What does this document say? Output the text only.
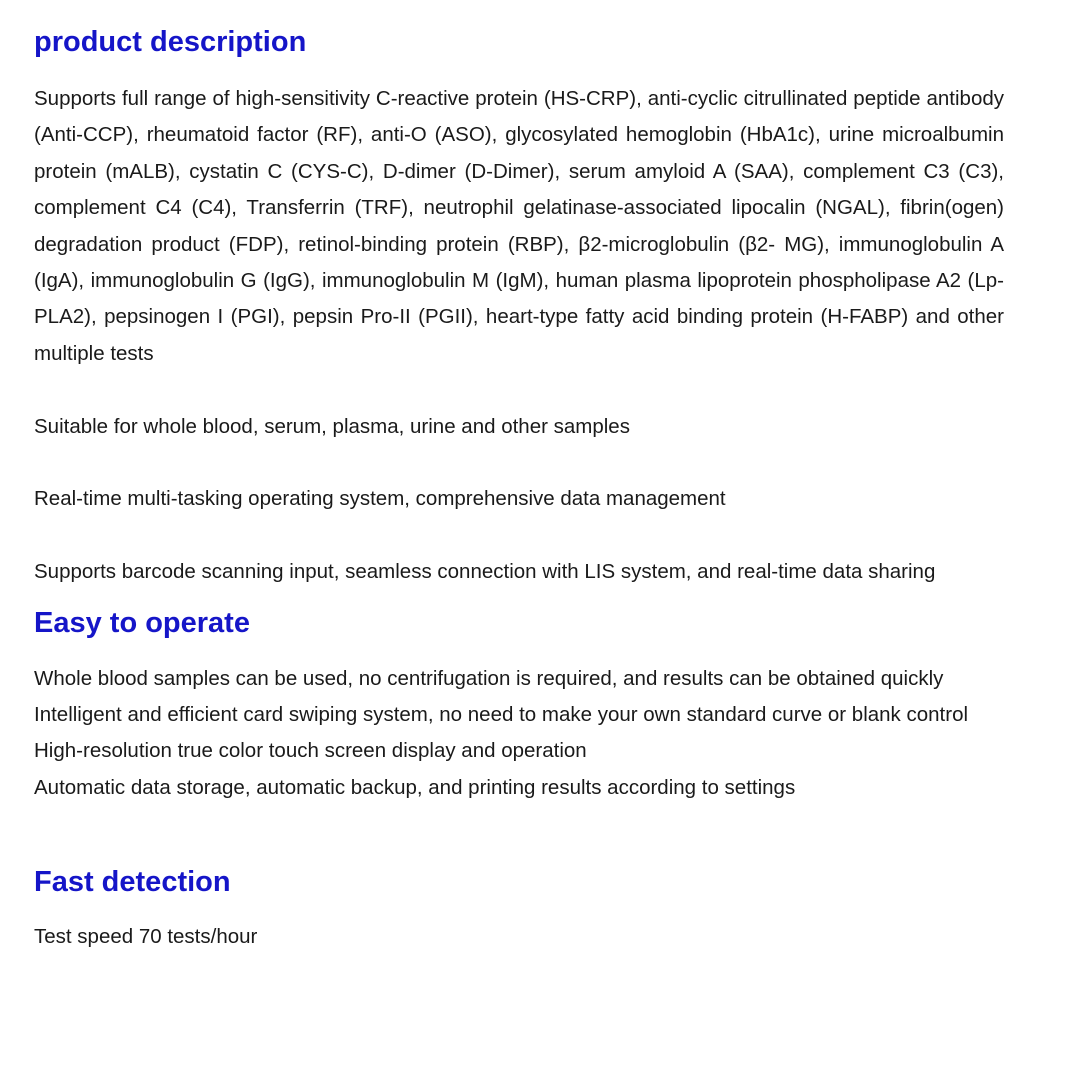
product description

Supports full range of high-sensitivity C-reactive protein (HS-CRP), anti-cyclic citrullinated peptide antibody (Anti-CCP), rheumatoid factor (RF), anti-O (ASO), glycosylated hemoglobin (HbA1c), urine microalbumin protein (mALB), cystatin C (CYS-C), D-dimer (D-Dimer), serum amyloid A (SAA), complement C3 (C3), complement C4 (C4), Transferrin (TRF), neutrophil gelatinase-associated lipocalin (NGAL), fibrin(ogen) degradation product (FDP), retinol-binding protein (RBP), β2-microglobulin (β2- MG), immunoglobulin A (IgA), immunoglobulin G (IgG), immunoglobulin M (IgM), human plasma lipoprotein phospholipase A2 (Lp-PLA2), pepsinogen I (PGI), pepsin Pro-II (PGII), heart-type fatty acid binding protein (H-FABP) and other multiple tests

Suitable for whole blood, serum, plasma, urine and other samples

Real-time multi-tasking operating system, comprehensive data management

Supports barcode scanning input, seamless connection with LIS system, and real-time data sharing

Easy to operate

Whole blood samples can be used, no centrifugation is required, and results can be obtained quickly

Intelligent and efficient card swiping system, no need to make your own standard curve or blank control

High-resolution true color touch screen display and operation

Automatic data storage, automatic backup, and printing results according to settings

Fast detection

Test speed 70 tests/hour
